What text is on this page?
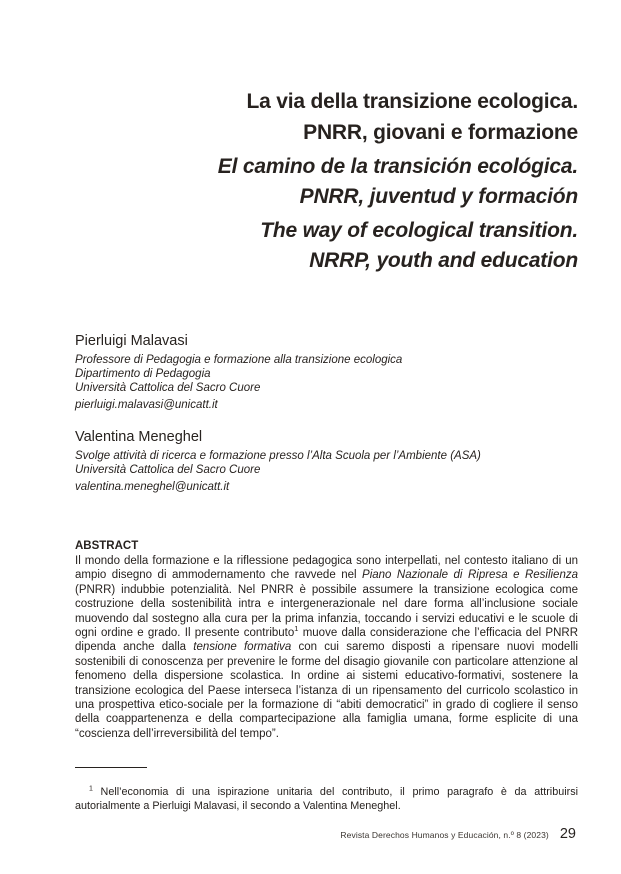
La via della transizione ecologica.
PNRR, giovani e formazione
El camino de la transición ecológica.
PNRR, juventud y formación
The way of ecological transition.
NRRP, youth and education
Pierluigi Malavasi
Professore di Pedagogia e formazione alla transizione ecologica
Dipartimento di Pedagogia
Università Cattolica del Sacro Cuore
pierluigi.malavasi@unicatt.it
Valentina Meneghel
Svolge attività di ricerca e formazione presso l’Alta Scuola per l’Ambiente (ASA)
Università Cattolica del Sacro Cuore
valentina.meneghel@unicatt.it
ABSTRACT

Il mondo della formazione e la riflessione pedagogica sono interpellati, nel contesto italiano di un ampio disegno di ammodernamento che ravvede nel Piano Nazionale di Ripresa e Resilienza (PNRR) indubbie potenzialità. Nel PNRR è possibile assumere la transizione ecologica come costruzione della sostenibilità intra e intergenerazionale nel dare forma all’inclusione sociale muovendo dal sostegno alla cura per la prima infanzia, toccando i servizi educativi e le scuole di ogni ordine e grado. Il presente contributo$^1$ muove dalla considerazione che l’efficacia del PNRR dipenda anche dalla tensione formativa con cui saremo disposti a ripensare nuovi modelli sostenibili di conoscenza per prevenire le forme del disagio giovanile con particolare attenzione al fenomeno della dispersione scolastica. In ordine ai sistemi educativo-formativi, sostenere la transizione ecologica del Paese interseca l’istanza di un ripensamento del curricolo scolastico in una prospettiva etico-sociale per la formazione di “abiti democratici” in grado di cogliere il senso della coappartenenza e della compartecipazione alla famiglia umana, forme esplicite di una “coscienza dell’irreversibilità del tempo”.

$^1$ Nell’economia di una ispirazione unitaria del contributo, il primo paragrafo è da attribuirsi autorialmente a Pierluigi Malavasi, il secondo a Valentina Meneghel.

Revista Derechos Humanos y Educación, n.º 8 (2023) 29
